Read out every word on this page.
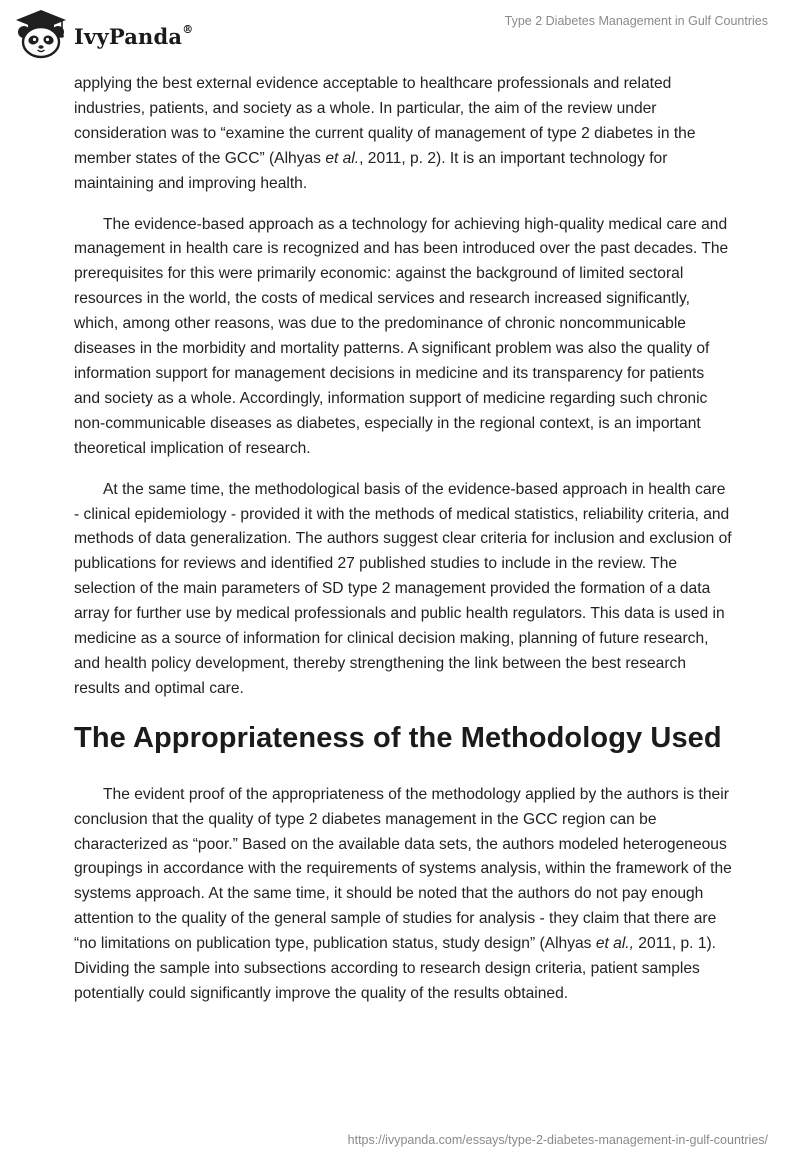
IvyPanda®
Type 2 Diabetes Management in Gulf Countries

applying the best external evidence acceptable to healthcare professionals and related industries, patients, and society as a whole. In particular, the aim of the review under consideration was to “examine the current quality of management of type 2 diabetes in the member states of the GCC” (Alhyas et al., 2011, p. 2). It is an important technology for maintaining and improving health.

The evidence-based approach as a technology for achieving high-quality medical care and management in health care is recognized and has been introduced over the past decades. The prerequisites for this were primarily economic: against the background of limited sectoral resources in the world, the costs of medical services and research increased significantly, which, among other reasons, was due to the predominance of chronic noncommunicable diseases in the morbidity and mortality patterns. A significant problem was also the quality of information support for management decisions in medicine and its transparency for patients and society as a whole. Accordingly, information support of medicine regarding such chronic non-communicable diseases as diabetes, especially in the regional context, is an important theoretical implication of research.

At the same time, the methodological basis of the evidence-based approach in health care - clinical epidemiology - provided it with the methods of medical statistics, reliability criteria, and methods of data generalization. The authors suggest clear criteria for inclusion and exclusion of publications for reviews and identified 27 published studies to include in the review. The selection of the main parameters of SD type 2 management provided the formation of a data array for further use by medical professionals and public health regulators. This data is used in medicine as a source of information for clinical decision making, planning of future research, and health policy development, thereby strengthening the link between the best research results and optimal care.

The Appropriateness of the Methodology Used

The evident proof of the appropriateness of the methodology applied by the authors is their conclusion that the quality of type 2 diabetes management in the GCC region can be characterized as “poor.” Based on the available data sets, the authors modeled heterogeneous groupings in accordance with the requirements of systems analysis, within the framework of the systems approach. At the same time, it should be noted that the authors do not pay enough attention to the quality of the general sample of studies for analysis - they claim that there are “no limitations on publication type, publication status, study design” (Alhyas et al., 2011, p. 1). Dividing the sample into subsections according to research design criteria, patient samples potentially could significantly improve the quality of the results obtained.

https://ivypanda.com/essays/type-2-diabetes-management-in-gulf-countries/
